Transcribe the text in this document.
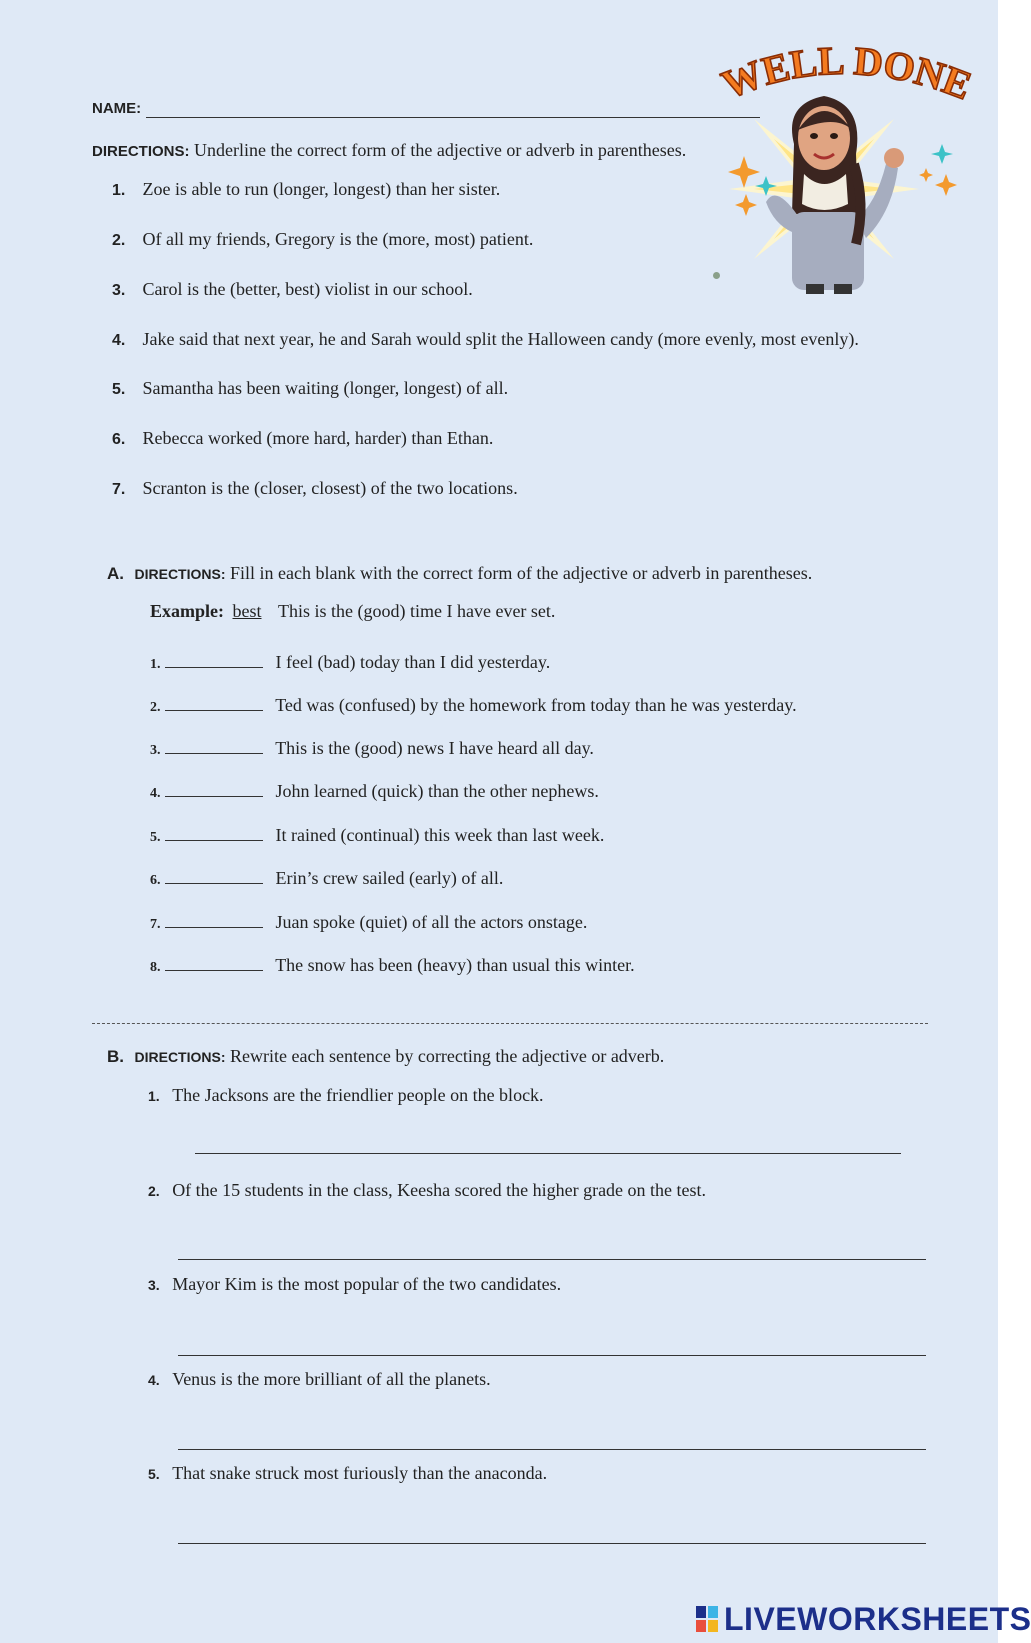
NAME:
DIRECTIONS: Underline the correct form of the adjective or adverb in parentheses.
1. Zoe is able to run (longer, longest) than her sister.
2. Of all my friends, Gregory is the (more, most) patient.
3. Carol is the (better, best) violist in our school.
4. Jake said that next year, he and Sarah would split the Halloween candy (more evenly, most evenly).
5. Samantha has been waiting (longer, longest) of all.
6. Rebecca worked (more hard, harder) than Ethan.
7. Scranton is the (closer, closest) of the two locations.
WELL DONE
A. DIRECTIONS: Fill in each blank with the correct form of the adjective or adverb in parentheses.
Example: best This is the (good) time I have ever set.
1.	I feel (bad) today than I did yesterday.
2.	Ted was (confused) by the homework from today than he was yesterday.
3.	This is the (good) news I have heard all day.
4.	John learned (quick) than the other nephews.
5.	It rained (continual) this week than last week.
6.	Erin’s crew sailed (early) of all.
7.	Juan spoke (quiet) of all the actors onstage.
8.	The snow has been (heavy) than usual this winter.
B. DIRECTIONS: Rewrite each sentence by correcting the adjective or adverb.
1. The Jacksons are the friendlier people on the block.
2. Of the 15 students in the class, Keesha scored the higher grade on the test.
3. Mayor Kim is the most popular of the two candidates.
4. Venus is the more brilliant of all the planets.
5. That snake struck most furiously than the anaconda.
LIVEWORKSHEETS
